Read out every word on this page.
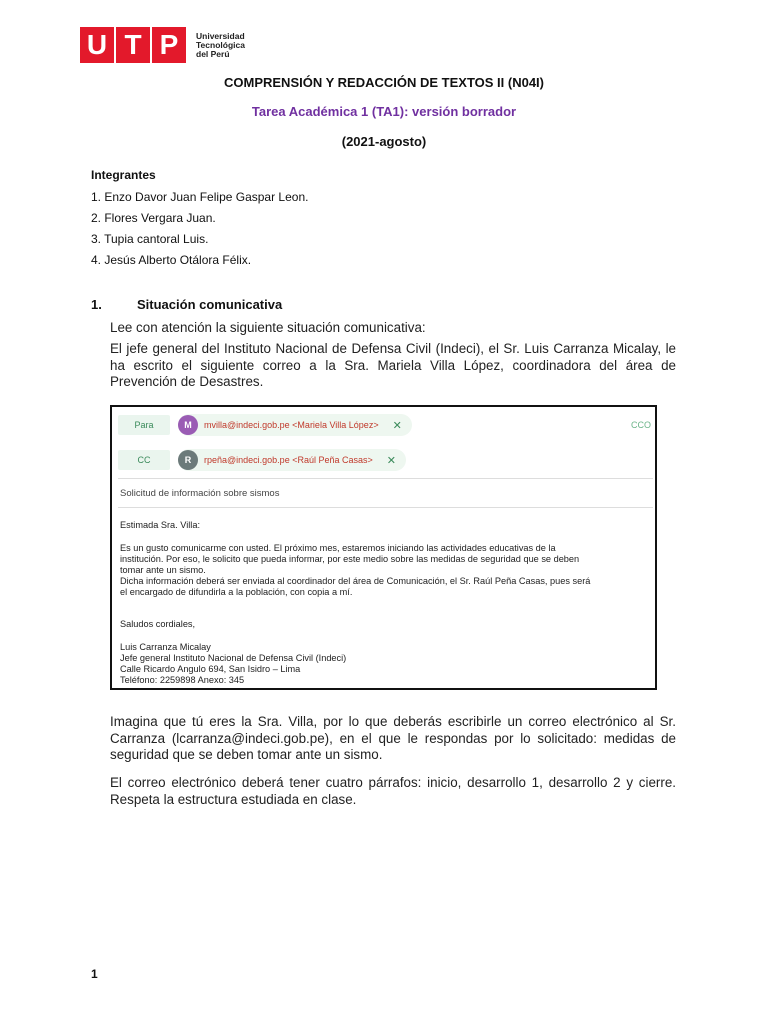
U T P	Universidad
Tecnológica
del Perú
COMPRENSIÓN Y REDACCIÓN DE TEXTOS II (N04I)
Tarea Académica 1 (TA1): versión borrador
(2021-agosto)
Integrantes
1. Enzo Davor Juan Felipe Gaspar Leon.
2. Flores Vergara Juan.
3. Tupia cantoral Luis.
4. Jesús Alberto Otálora Félix.
1.	Situación comunicativa
Lee con atención la siguiente situación comunicativa:
El jefe general del Instituto Nacional de Defensa Civil (Indeci), el Sr. Luis Carranza Micalay, le ha escrito el siguiente correo a la Sra. Mariela Villa López, coordinadora del área de Prevención de Desastres.
Para	M	mvilla@indeci.gob.pe <Mariela Villa López> ✕	CCO
CC	R	rpeña@indeci.gob.pe <Raúl Peña Casas> ✕
Solicitud de información sobre sismos
Estimada Sra. Villa:
Es un gusto comunicarme con usted. El próximo mes, estaremos iniciando las actividades educativas de la
institución. Por eso, le solicito que pueda informar, por este medio sobre las medidas de seguridad que se deben
tomar ante un sismo.
Dicha información deberá ser enviada al coordinador del área de Comunicación, el Sr. Raúl Peña Casas, pues será
el encargado de difundirla a la población, con copia a mí.
Saludos cordiales,
Luis Carranza Micalay
Jefe general Instituto Nacional de Defensa Civil (Indeci)
Calle Ricardo Angulo 694, San Isidro – Lima
Teléfono: 2259898 Anexo: 345
Imagina que tú eres la Sra. Villa, por lo que deberás escribirle un correo electrónico al Sr. Carranza (lcarranza@indeci.gob.pe), en el que le respondas por lo solicitado: medidas de seguridad que se deben tomar ante un sismo.
El correo electrónico deberá tener cuatro párrafos: inicio, desarrollo 1, desarrollo 2 y cierre. Respeta la estructura estudiada en clase.
1
